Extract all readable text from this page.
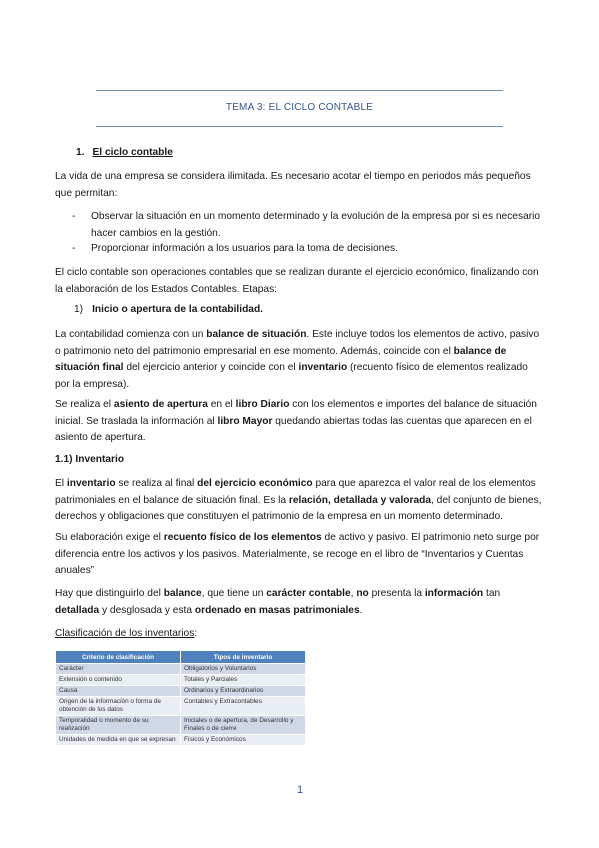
TEMA 3: EL CICLO CONTABLE
1. El ciclo contable

La vida de una empresa se considera ilimitada. Es necesario acotar el tiempo en periodos más pequeños que permitan:

- Observar la situación en un momento determinado y la evolución de la empresa por si es necesario hacer cambios en la gestión.

- Proporcionar información a los usuarios para la toma de decisiones.

El ciclo contable son operaciones contables que se realizan durante el ejercicio económico, finalizando con la elaboración de los Estados Contables. Etapas:

1) Inicio o apertura de la contabilidad.

La contabilidad comienza con un balance de situación. Este incluye todos los elementos de activo, pasivo o patrimonio neto del patrimonio empresarial en ese momento. Además, coincide con el balance de situación final del ejercicio anterior y coincide con el inventario (recuento físico de elementos realizado por la empresa).

Se realiza el asiento de apertura en el libro Diario con los elementos e importes del balance de situación inicial. Se traslada la información al libro Mayor quedando abiertas todas las cuentas que aparecen en el asiento de apertura.

1.1) Inventario

El inventario se realiza al final del ejercicio económico para que aparezca el valor real de los elementos patrimoniales en el balance de situación final. Es la relación, detallada y valorada, del conjunto de bienes, derechos y obligaciones que constituyen el patrimonio de la empresa en un momento determinado.

Su elaboración exige el recuento físico de los elementos de activo y pasivo. El patrimonio neto surge por diferencia entre los activos y los pasivos. Materialmente, se recoge en el libro de “Inventarios y Cuentas anuales”

Hay que distinguirlo del balance, que tiene un carácter contable, no presenta la información tan detallada y desglosada y esta ordenado en masas patrimoniales.

Clasificación de los inventarios:
Criterio de clasificación	Tipos de inventario
Carácter	Obligatorios y Voluntarios
Extensión o contenido	Totales y Parciales
Causa	Ordinarios y Extraordinarios
Origen de la información o forma de obtención de los datos	Contables y Extracontables
Temporalidad o momento de su realización	Iniciales o de apertura, de Desarrollo y Finales o de cierre
Unidades de medida en que se expresan	Físicos y Económicos
1
